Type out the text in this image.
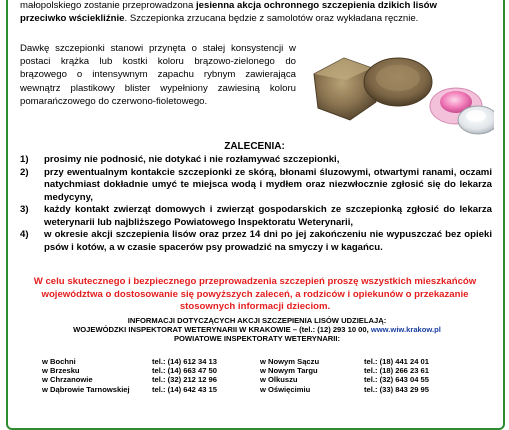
małopolskiego zostanie przeprowadzona jesienna akcja ochronnego szczepienia dzikich lisów
przeciwko wściekliźnie. Szczepionka zrzucana będzie z samolotów oraz wykładana ręcznie.
Dawkę szczepionki stanowi przynęta o stałej konsystencji w postaci krążka lub kostki koloru brązowo-zielonego do brązowego o intensywnym zapachu rybnym zawierająca wewnątrz plastikowy blister wypełniony zawiesiną koloru pomarańczowego do czerwono-fioletowego.
ZALECENIA:
1)	prosimy nie podnosić, nie dotykać i nie rozłamywać szczepionki,
2)	przy ewentualnym kontakcie szczepionki ze skórą, błonami śluzowymi, otwartymi ranami, oczami natychmiast dokładnie umyć te miejsca wodą i mydłem oraz niezwłocznie zgłosić się do lekarza medycyny,
3)	każdy kontakt zwierząt domowych i zwierząt gospodarskich ze szczepionką zgłosić do lekarza weterynarii lub najbliższego Powiatowego Inspektoratu Weterynarii,
4)	w okresie akcji szczepienia lisów oraz przez 14 dni po jej zakończeniu nie wypuszczać bez opieki psów i kotów, a w czasie spacerów psy prowadzić na smyczy i w kagańcu.
W celu skutecznego i bezpiecznego przeprowadzenia szczepień proszę wszystkich mieszkańców województwa o dostosowanie się powyższych zaleceń, a rodziców i opiekunów o przekazanie stosownych informacji dzieciom.
INFORMACJI DOTYCZĄCYCH AKCJI SZCZEPIENIA LISÓW UDZIELAJĄ:
WOJEWÓDZKI INSPEKTORAT WETERYNARII W KRAKOWIE – (tel.: (12) 293 10 00, www.wiw.krakow.pl
POWIATOWE INSPEKTORATY WETERYNARII:
w Bochni	tel.: (14) 612 34 13	w Nowym Sączu	tel.: (18) 441 24 01
w Brzesku	tel.: (14) 663 47 50	w Nowym Targu	tel.: (18) 266 23 61
w Chrzanowie	tel.: (32) 212 12 96	w Olkuszu	tel.: (32) 643 04 55
w Dąbrowie Tarnowskiej	tel.: (14) 642 43 15	w Oświęcimiu	tel.: (33) 843 29 95
